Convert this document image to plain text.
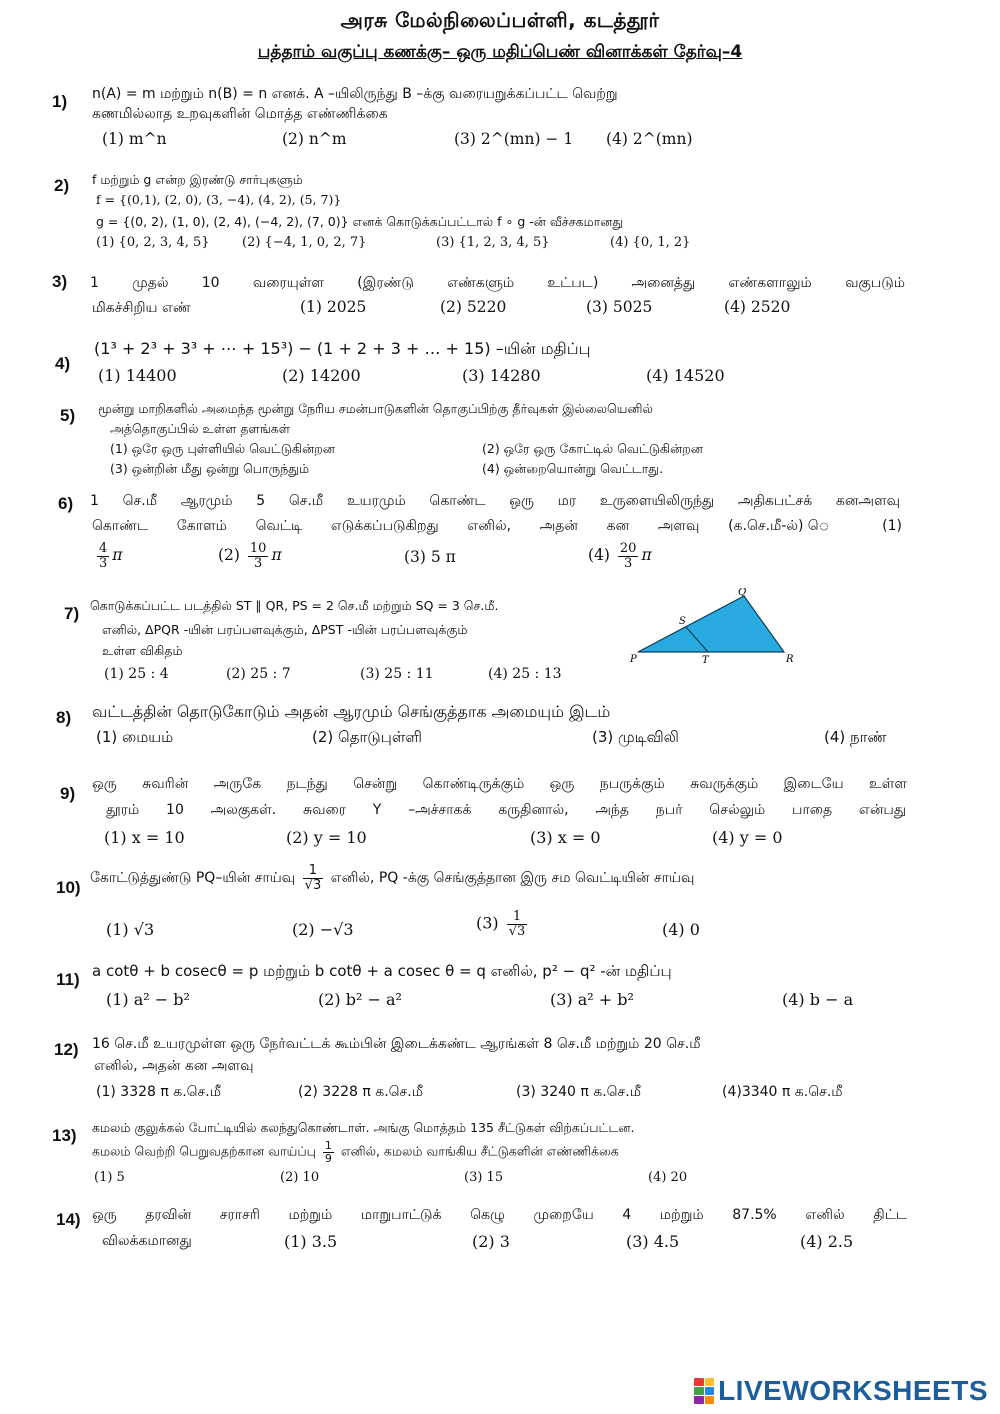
அரசு மேல்நிலைப்பள்ளி, கடத்தூர்
பத்தாம் வகுப்பு கணக்கு– ஒரு மதிப்பெண் வினாக்கள் தேர்வு–4
1) n(A) = m மற்றும் n(B) = n எனக். A –யிலிருந்து B –க்கு வரையறுக்கப்பட்ட வெற்று
கணமில்லாத உறவுகளின் மொத்த எண்ணிக்கை
(1) m^n	(2) n^m	(3) 2^(mn) − 1 (4) 2^(mn)
2) f மற்றும் g என்ற இரண்டு சார்புகளும்
f = {(0,1), (2, 0), (3, −4), (4, 2), (5, 7)}
g = {(0, 2), (1, 0), (2, 4), (−4, 2), (7, 0)} எனக் கொடுக்கப்பட்டால் f ∘ g -ன் வீச்சகமானது
(1) {0, 2, 3, 4, 5} (2) {−4, 1, 0, 2, 7}	(3) {1, 2, 3, 4, 5}	(4) {0, 1, 2}
3) 1 முதல் 10 வரையுள்ள (இரண்டு எண்களும் உட்பட) அனைத்து எண்களாலும் வகுபடும்
மிகச்சிறிய எண்	(1) 2025	(2) 5220	(3) 5025	(4) 2520
4)
(1³ + 2³ + 3³ + ⋯ + 15³) − (1 + 2 + 3 + … + 15) –யின் மதிப்பு
(1) 14400	(2) 14200	(3) 14280	(4) 14520
5) மூன்று மாறிகளில் அமைந்த மூன்று நேரிய சமன்பாடுகளின் தொகுப்பிற்கு தீர்வுகள் இல்லையெனில்
அத்தொகுப்பில் உள்ள தளங்கள்
(1) ஒரே ஒரு புள்ளியில் வெட்டுகின்றன	(2) ஒரே ஒரு கோட்டில் வெட்டுகின்றன
(3) ஒன்றின் மீது ஒன்று பொருந்தும்	(4) ஒன்றையொன்று வெட்டாது.
6) 1 செ.மீ ஆரமும் 5 செ.மீ உயரமும் கொண்ட ஒரு மர உருளையிலிருந்து அதிகபட்சக் கனஅளவு
கொண்ட கோளம் வெட்டி எடுக்கப்படுகிறது எனில், அதன் கன அளவு (க.செ.மீ-ல்) ெ (1)
$\frac{4}{3}$ π	$(2) \frac{10}{3}$ π	(3) 5 π	$(4) \frac{20}{3}$ π
7) கொடுக்கப்பட்ட படத்தில் ST ∥ QR, PS = 2 செ.மீ மற்றும் SQ = 3 செ.மீ.
எனில், ΔPQR -யின் பரப்பளவுக்கும், ΔPST -யின் பரப்பளவுக்கும்
உள்ள விகிதம்
(1) 25 : 4	(2) 25 : 7	(3) 25 : 11	(4) 25 : 13
P
Q
R
S
T
8) வட்டத்தின் தொடுகோடும் அதன் ஆரமும் செங்குத்தாக அமையும் இடம்
(1) மையம்	(2) தொடுபுள்ளி	(3) முடிவிலி	(4) நாண்
9) ஒரு சுவரின் அருகே நடந்து சென்று கொண்டிருக்கும் ஒரு நபருக்கும் சுவருக்கும் இடையே உள்ள
தூரம் 10 அலகுகள். சுவரை Y –அச்சாகக் கருதினால், அந்த நபர் செல்லும் பாதை என்பது
(1) x = 10	(2) y = 10	(3) x = 0	(4) y = 0
10) கோட்டுத்துண்டு PQ–யின் சாய்வு $\frac{1}{√3}$ எனில், PQ -க்கு செங்குத்தான இரு சம வெட்டியின் சாய்வு
(1) √3	(2) −√3	$(3) \frac{1}{√3}$	(4) 0
11) a cotθ + b cosecθ = p மற்றும் b cotθ + a cosec θ = q எனில், p² − q² -ன் மதிப்பு
(1) a² − b²	(2) b² − a²	(3) a² + b²	(4) b − a
12) 16 செ.மீ உயரமுள்ள ஒரு நேர்வட்டக் கூம்பின் இடைக்கண்ட ஆரங்கள் 8 செ.மீ மற்றும் 20 செ.மீ
எனில், அதன் கன அளவு
(1) 3328 π க.செ.மீ	(2) 3228 π க.செ.மீ	(3) 3240 π க.செ.மீ	(4)3340 π க.செ.மீ
13) கமலம் குலுக்கல் போட்டியில் கலந்துகொண்டாள். அங்கு மொத்தம் 135 சீட்டுகள் விற்கப்பட்டன.
கமலம் வெற்றி பெறுவதற்கான வாய்ப்பு $\frac{1}{9}$ எனில், கமலம் வாங்கிய சீட்டுகளின் எண்ணிக்கை
(1) 5	(2) 10	(3) 15	(4) 20
14) ஒரு தரவின் சராசரி மற்றும் மாறுபாட்டுக் கெழு முறையே 4 மற்றும் 87.5% எனில் திட்ட
விலக்கமானது	(1) 3.5	(2) 3	(3) 4.5	(4) 2.5
LIVEWORKSHEETS
